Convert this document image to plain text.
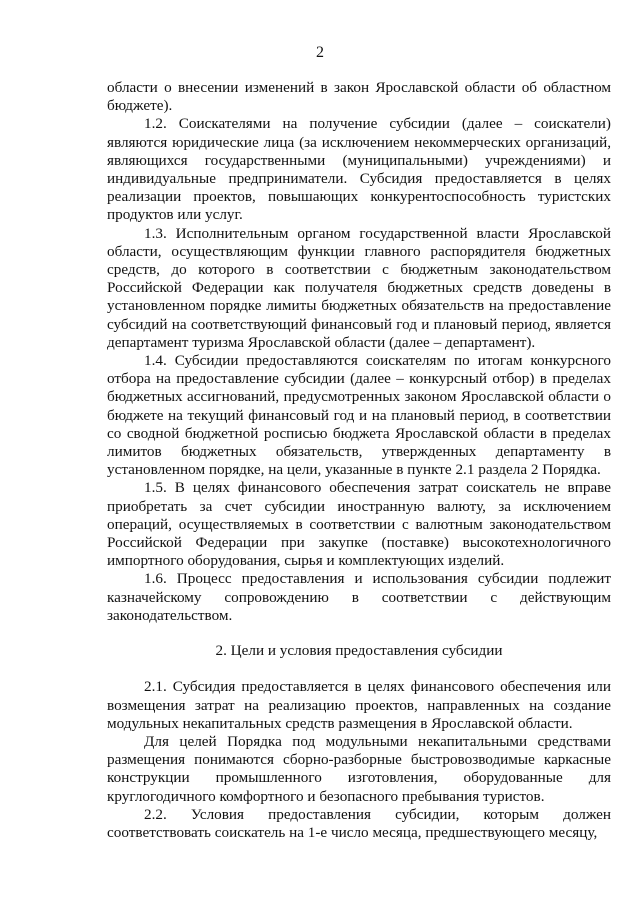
2

области о внесении изменений в закон Ярославской области об областном бюджете).

1.2. Соискателями на получение субсидии (далее – соискатели) являются юридические лица (за исключением некоммерческих организаций, являющихся государственными (муниципальными) учреждениями) и индивидуальные предприниматели. Субсидия предоставляется в целях реализации проектов, повышающих конкурентоспособность туристских продуктов или услуг.

1.3. Исполнительным органом государственной власти Ярославской области, осуществляющим функции главного распорядителя бюджетных средств, до которого в соответствии с бюджетным законодательством Российской Федерации как получателя бюджетных средств доведены в установленном порядке лимиты бюджетных обязательств на предоставление субсидий на соответствующий финансовый год и плановый период, является департамент туризма Ярославской области (далее – департамент).

1.4. Субсидии предоставляются соискателям по итогам конкурсного отбора на предоставление субсидии (далее – конкурсный отбор) в пределах бюджетных ассигнований, предусмотренных законом Ярославской области о бюджете на текущий финансовый год и на плановый период, в соответствии со сводной бюджетной росписью бюджета Ярославской области в пределах лимитов бюджетных обязательств, утвержденных департаменту в установленном порядке, на цели, указанные в пункте 2.1 раздела 2 Порядка.

1.5. В целях финансового обеспечения затрат соискатель не вправе приобретать за счет субсидии иностранную валюту, за исключением операций, осуществляемых в соответствии с валютным законодательством Российской Федерации при закупке (поставке) высокотехнологичного импортного оборудования, сырья и комплектующих изделий.

1.6. Процесс предоставления и использования субсидии подлежит казначейскому сопровождению в соответствии с действующим законодательством.

2. Цели и условия предоставления субсидии

2.1. Субсидия предоставляется в целях финансового обеспечения или возмещения затрат на реализацию проектов, направленных на создание модульных некапитальных средств размещения в Ярославской области.

Для целей Порядка под модульными некапитальными средствами размещения понимаются сборно-разборные быстровозводимые каркасные конструкции промышленного изготовления, оборудованные для круглогодичного комфортного и безопасного пребывания туристов.

2.2. Условия предоставления субсидии, которым должен соответствовать соискатель на 1-е число месяца, предшествующего месяцу,
